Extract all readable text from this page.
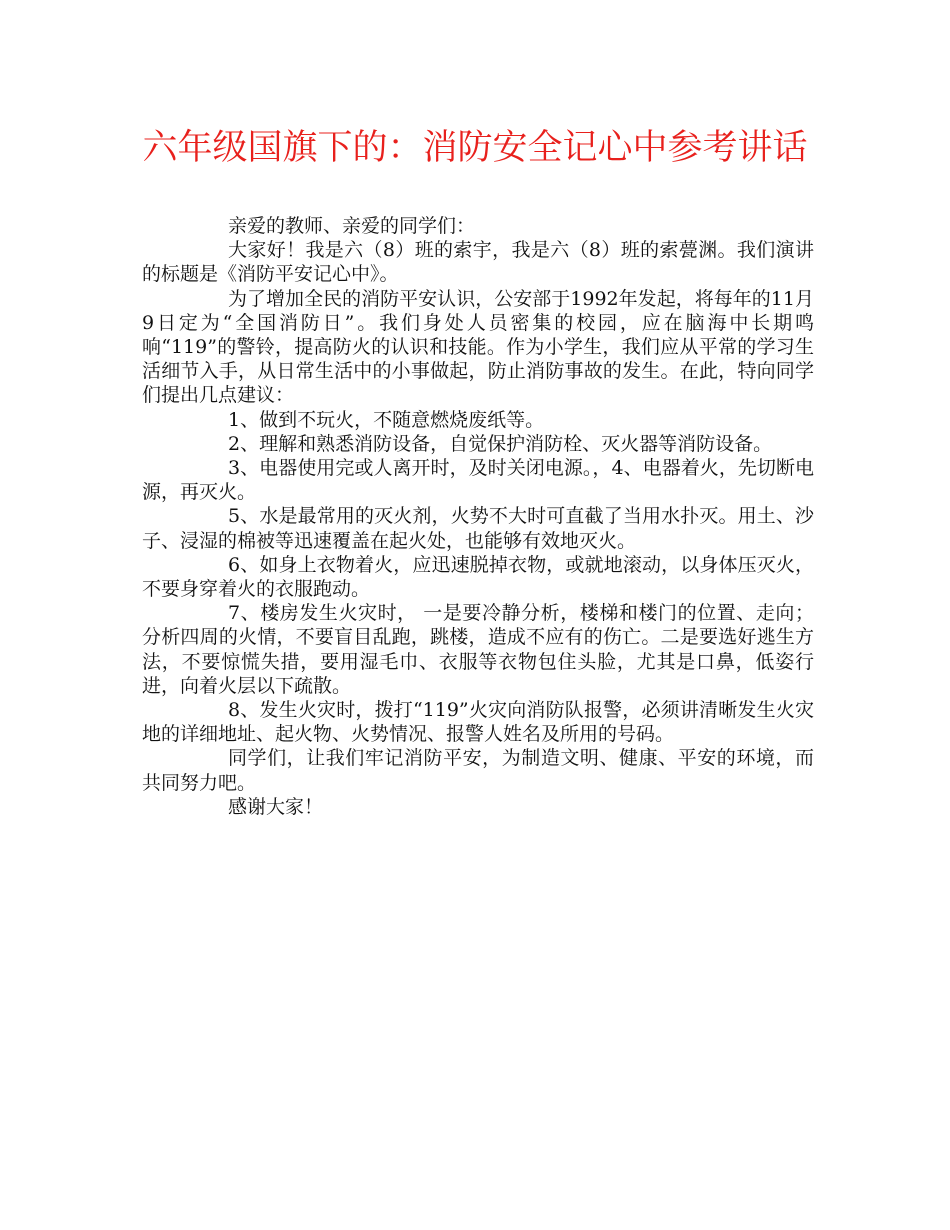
六年级国旗下的：消防安全记心中参考讲话

亲爱的教师、亲爱的同学们：

大家好！我是六（8）班的索宇，我是六（8）班的索甍渊。我们演讲的标题是《消防平安记心中》。

为了增加全民的消防平安认识，公安部于1992年发起，将每年的11月9日定为“全国消防日”。我们身处人员密集的校园，应在脑海中长期鸣响“119”的警铃，提高防火的认识和技能。作为小学生，我们应从平常的学习生活细节入手，从日常生活中的小事做起，防止消防事故的发生。在此，特向同学们提出几点建议：

1、做到不玩火，不随意燃烧废纸等。

2、理解和熟悉消防设备，自觉保护消防栓、灭火器等消防设备。

3、电器使用完或人离开时，及时关闭电源。，4、电器着火，先切断电源，再灭火。

5、水是最常用的灭火剂，火势不大时可直截了当用水扑灭。用土、沙子、浸湿的棉被等迅速覆盖在起火处，也能够有效地灭火。

6、如身上衣物着火，应迅速脱掉衣物，或就地滚动，以身体压灭火，不要身穿着火的衣服跑动。

7、楼房发生火灾时， 一是要冷静分析，楼梯和楼门的位置、走向；分析四周的火情，不要盲目乱跑，跳楼，造成不应有的伤亡。二是要选好逃生方法，不要惊慌失措，要用湿毛巾、衣服等衣物包住头脸，尤其是口鼻，低姿行进，向着火层以下疏散。

8、发生火灾时，拨打“119”火灾向消防队报警，必须讲清晰发生火灾地的详细地址、起火物、火势情况、报警人姓名及所用的号码。

同学们，让我们牢记消防平安，为制造文明、健康、平安的环境，而共同努力吧。

感谢大家！
